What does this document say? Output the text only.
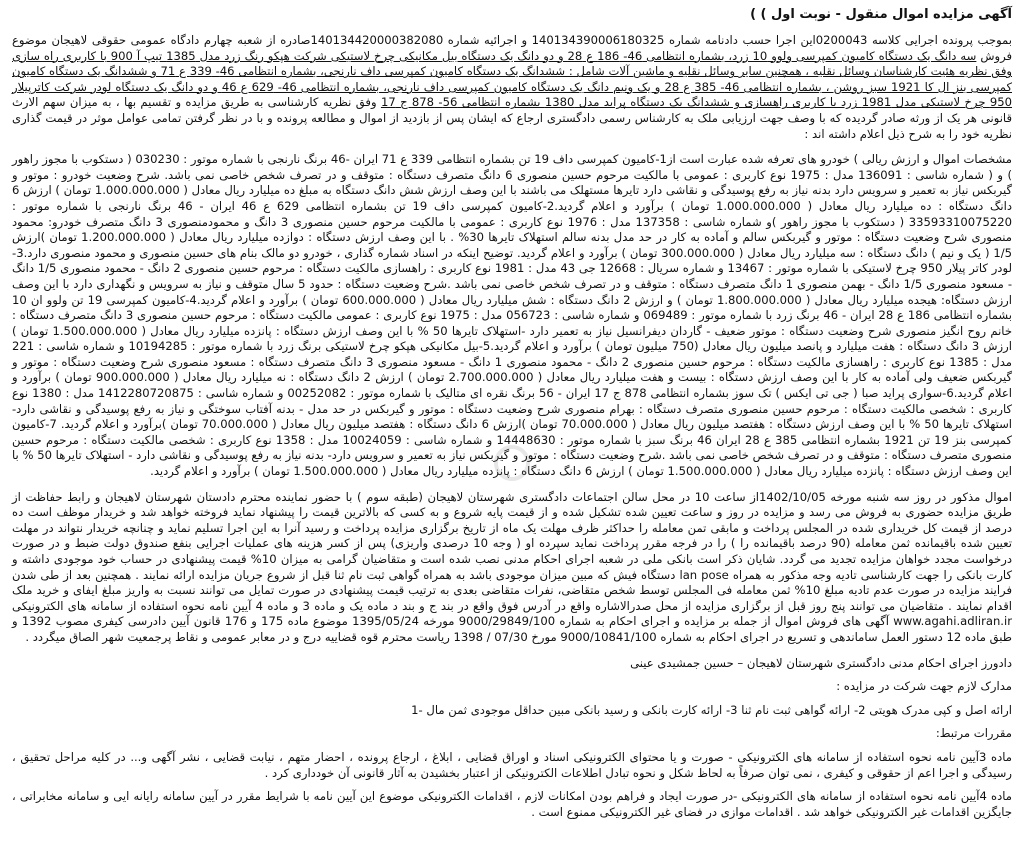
آگهی مزایده اموال منقول - نوبت اول ) )

بموجب پرونده اجرایی کلاسه 0200043این اجرا حسب دادنامه شماره 140134390006180325 و اجرائیه شماره 140134420000382080صادره از شعبه چهارم دادگاه عمومی حقوقی لاهیجان موضوع فروش سه دانگ یک دستگاه کامیون کمپرسی ولوو 10 زرد، بشماره انتظامی 46- 186 ع 28 و دو دانگ یک دستگاه بیل مکانیکی چرخ لاستیکی شرکت هپکو رنگ زرد مدل 1385 تیپ آ 900 با کاربری راه سازی وفق نظریه هئیت کارشناسان وسائل نقلیه ، همچنین سایر وسائل نقلیه و ماشین آلات شامل : ششدانگ یک دستگاه کامیون کمپرسی داف نارنجی، بشماره انتظامی 46- 339 ع 71 و ششدانگ یک دستگاه کامیون کمپرسی بنز ال کا 1921 سبز روشن ، بشماره انتظامی 46- 385 ع 28 و یک ونیم دانگ یک دستگاه کامیون کمپرسی داف نارنجی، بشماره انتظامی 46- 629 ع 46 و دو دانگ یک دستگاه لودر شرکت کاترپیلار 950 چرخ لاستیکی مدل 1981 زرد با کاربری راهسازی و ششدانگ یک دستگاه پراید مدل 1380 بشماره انتظامی 56- 878 ج 17 وفق نظریه کارشناسی به طریق مزایده و تقسیم بها ، به میزان سهم الارث قانونی هر یک از ورثه صادر گردیده که با وصف جهت ارزیابی ملک به کارشناس رسمی دادگستری ارجاع که ایشان پس از بازدید از اموال و مطالعه پرونده و با در نظر گرفتن تمامی عوامل موثر در قیمت گذاری نظریه خود را به شرح ذیل اعلام داشته اند :

مشخصات اموال و ارزش ریالی ) خودرو های تعرفه شده عبارت است از1-کامیون کمپرسی داف 19 تن بشماره انتظامی 339 ع 71 ایران -46 برنگ نارنجی با شماره موتور : 030230 ( دستکوب با مجوز راهور ) و ( شماره شاسی : 136091 مدل : 1975 نوع کاربری : عمومی با مالکیت مرحوم حسین منصوری 6 دانگ متصرف دستگاه : متوقف و در تصرف شخص خاصی نمی باشد. شرح وضعیت خودرو : موتور و گیربکس نیاز به تعمیر و سرویس دارد بدنه نیاز به رفع پوسیدگی و نقاشی دارد تایرها مستهلک می باشند با این وصف ارزش شش دانگ دستگاه به مبلغ ده میلیارد ریال معادل ( 1.000.000.000 تومان ) ارزش 6 دانگ دستگاه : ده میلیارد ریال معادل ( 1.000.000.000 تومان ) برآورد و اعلام گردید.2-کامیون کمپرسی داف 19 تن بشماره انتظامی 629 ع 46 ایران - 46 برنگ نارنجی با شماره موتور : 33593310075220 ( دستکوب با مجوز راهور )و شماره شاسی : 137358 مدل : 1976 نوع کاربری : عمومی با مالکیت مرحوم حسین منصوری 3 دانگ و محمودمنصوری 3 دانگ متصرف خودرو: محمود منصوری شرح وضعیت دستگاه : موتور و گیربکس سالم و آماده به کار در حد مدل بدنه سالم استهلاک تایرها 30% . با این وصف ارزش دستگاه : دوازده میلیارد ریال معادل ( 1.200.000.000 تومان )ارزش 1/5 ( یک و نیم ) دانگ دستگاه : سه میلیارد ریال معادل ( 300.000.000 تومان ) برآورد و اعلام گردید. توضیح اینکه در اسناد شماره گذاری ، خودرو دو مالک بنام های حسین منصوری و محمود منصوری دارد.3-لودر کاتر پیلار 950 چرخ لاستیکی با شماره موتور : 13467 و شماره سریال : 12668 جی 43 مدل : 1981 نوع کاربری : راهسازی مالکیت دستگاه : مرحوم حسین منصوری 2 دانگ - محمود منصوری 1/5 دانگ - مسعود منصوری 1/5 دانگ - بهمن منصوری 1 دانگ متصرف دستگاه : متوقف و در تصرف شخص خاصی نمی باشد .شرح وضعیت دستگاه : حدود 5 سال متوقف و نیاز به سرویس و نگهداری دارد با این وصف ارزش دستگاه: هیجده میلیارد ریال معادل ( 1.800.000.000 تومان ) و ارزش 2 دانگ دستگاه : شش میلیارد ریال معادل ( 600.000.000 تومان ) برآورد و اعلام گردید.4-کامیون کمپرسی 19 تن ولوو ان 10 بشماره انتظامی 186 ع 28 ایران - 46 برنگ زرد با شماره موتور : 069489 و شماره شاسی : 056723 مدل : 1975 نوع کاربری : عمومی مالکیت دستگاه : مرحوم حسین منصوری 3 دانگ متصرف دستگاه : خانم روح انگیز منصوری شرح وضعیت دستگاه : موتور ضعیف - گاردان دیفرانسیل نیاز به تعمیر دارد -استهلاک تایرها 50 % با این وصف ارزش دستگاه : پانزده میلیارد ریال معادل ( 1.500.000.000 تومان ) ارزش 3 دانگ دستگاه : هفت میلیارد و پانصد میلیون ریال معادل (750 میلیون تومان ) برآورد و اعلام گردید.5-بیل مکانیکی هپکو چرخ لاستیکی برنگ زرد با شماره موتور : 10194285 و شماره شاسی : 221 مدل : 1385 نوع کاربری : راهسازی مالکیت دستگاه : مرحوم حسین منصوری 2 دانگ - محمود منصوری 1 دانگ - مسعود منصوری 3 دانگ متصرف دستگاه : مسعود منصوری شرح وضعیت دستگاه : موتور و گیربکس ضعیف ولی آماده به کار با این وصف ارزش دستگاه : بیست و هفت میلیارد ریال معادل ( 2.700.000.000 تومان ) ارزش 2 دانگ دستگاه : نه میلیارد ریال معادل ( 900.000.000 تومان ) برآورد و اعلام گردید.6-سواری پراید صبا ( جی تی ایکس ) تک سوز بشماره انتظامی 878 ج 17 ایران - 56 برنگ نقره ای متالیک با شماره موتور : 00252082 و شماره شاسی : 1412280720875 مدل : 1380 نوع کاربری : شخصی مالکیت دستگاه : مرحوم حسین منصوری متصرف دستگاه : بهرام منصوری شرح وضعیت دستگاه : موتور و گیربکس در حد مدل - بدنه آفتاب سوختگی و نیاز به رفع پوسیدگی و نقاشی دارد-استهلاک تایرها 50 % با این وصف ارزش دستگاه : هفتصد میلیون ریال معادل ( 70.000.000 تومان )ارزش 6 دانگ دستگاه : هفتصد میلیون ریال معادل ( 70.000.000 تومان )برآورد و اعلام گردید. 7-کامیون کمپرسی بنز 19 تن 1921 بشماره انتظامی 385 ع 28 ایران 46 برنگ سبز با شماره موتور : 14448630 و شماره شاسی : 10024059 مدل : 1358 نوع کاربری : شخصی مالکیت دستگاه : مرحوم حسین منصوری متصرف دستگاه : متوقف و در تصرف شخص خاصی نمی باشد .شرح وضعیت دستگاه : موتور و گیربکس نیاز به تعمیر و سرویس دارد- بدنه نیاز به رفع پوسیدگی و نقاشی دارد - استهلاک تایرها 50 % با این وصف ارزش دستگاه : پانزده میلیارد ریال معادل ( 1.500.000.000 تومان ) ارزش 6 دانگ دستگاه : پانزده میلیارد ریال معادل ( 1.500.000.000 تومان ) برآورد و اعلام گردید.

اموال مذکور در روز سه شنبه مورخه 1402/10/05از ساعت 10 در محل سالن اجتماعات دادگستری شهرستان لاهیجان (طبقه سوم ) با حضور نماینده محترم دادستان شهرستان لاهیجان و رابط حفاظت از طریق مزایده حضوری به فروش می رسد و مزایده در روز و ساعت تعیین شده تشکیل شده و از قیمت پایه شروع و به کسی که بالاترین قیمت را پیشنهاد نماید فروخته خواهد شد و خریدار موظف است ده درصد از قیمت کل خریداری شده در المجلس پرداخت و مابقی تمن معامله را حداکثر ظرف مهلت یک ماه از تاریخ برگزاری مزایده پرداخت و رسید آنرا به این اجرا تسلیم نماید و چنانچه خریدار نتواند در مهلت تعیین شده باقیمانده ثمن معامله (90 درصد باقیمانده را ) را در فرجه مقرر پرداخت نماید سپرده او ( وجه 10 درصدی واریزی) پس از کسر هزینه های عملیات اجرایی بنفع صندوق دولت ضبط و در صورت درخواست مجدد خواهان مزایده تجدید می گردد. شایان ذکر است بانکی ملی در شعبه اجرای احکام مدنی نصب شده است و متقاضیان گرامی به میزان 10% قیمت پیشنهادی در حساب خود موجودی داشته و کارت بانکی را جهت کارشناسی تادیه وجه مذکور به همراه lan pose دستگاه فیش که مبین میزان موجودی باشد به همراه گواهی ثبت نام ثنا قبل از شروع جریان مزایده ارائه نمایند . همچنین بعد از طی شدن فرایند مزایده در صورت عدم تادیه مبلغ 10% ثمن معامله فی المجلس توسط شخص متقاضی، نفرات متقاضی بعدی به ترتیب قیمت پیشنهادی در صورت تمایل می توانند نسبت به واریز مبلغ ایفای و خرید ملک اقدام نمایند . متقاضیان می توانند پنج روز قبل از برگزاری مزایده از محل صدرالاشاره واقع در آدرس فوق واقع در بند ج و بند د ماده یک و ماده 3 و ماده 4 آیین نامه نحوه استفاده از سامانه های الکترونیکی www.agahi.adliran.ir آگهی های فروش اموال از جمله بر مزایده و اجرای احکام به شماره 9000/29849/100 مورخه 1395/05/24 موضوع ماده 175 و 176 قانون آیین دادرسی کیفری مصوب 1392 و طبق ماده 12 دستور العمل ساماندهی و تسریع در اجرای احکام به شماره 9000/10841/100 مورخ 07/30 / 1398 ریاست محترم قوه قضاییه درج و در معابر عمومی و نقاط پرجمعیت شهر الصاق میگردد .

دادورز اجرای احکام مدنی دادگستری شهرستان لاهیجان – حسین جمشیدی عینی

مدارک لازم جهت شرکت در مزایده :

ارائه اصل و کپی مدرک هویتی 2- ارائه گواهی ثبت نام ثنا 3- ارائه کارت بانکی و رسید بانکی مبین حداقل موجودی ثمن مال -1

مقررات مرتبط:

ماده 3آیین نامه نحوه استفاده از سامانه های الکترونیکی - صورت و یا محتوای الکترونیکی اسناد و اوراق قضایی ، ابلاغ ، ارجاع پرونده ، احضار متهم ، نیابت قضایی ، نشر آگهی و... در کلیه مراحل تحقیق ، رسیدگی و اجرا اعم از حقوقی و کیفری ، نمی توان صرفاً به لحاظ شکل و نحوه تبادل اطلاعات الکترونیکی از اعتبار بخشیدن به آثار قانونی آن خودداری کرد .

ماده 4آیین نامه نحوه استفاده از سامانه های الکترونیکی -در صورت ایجاد و فراهم بودن امکانات لازم ، اقدامات الکترونیکی موضوع این آیین نامه با شرایط مقرر در آیین سامانه رایانه ایی و سامانه مخابراتی ، جایگزین اقدامات غیر الکترونیکی خواهد شد . اقدامات موازی در فضای غیر الکترونیکی ممنوع است .
